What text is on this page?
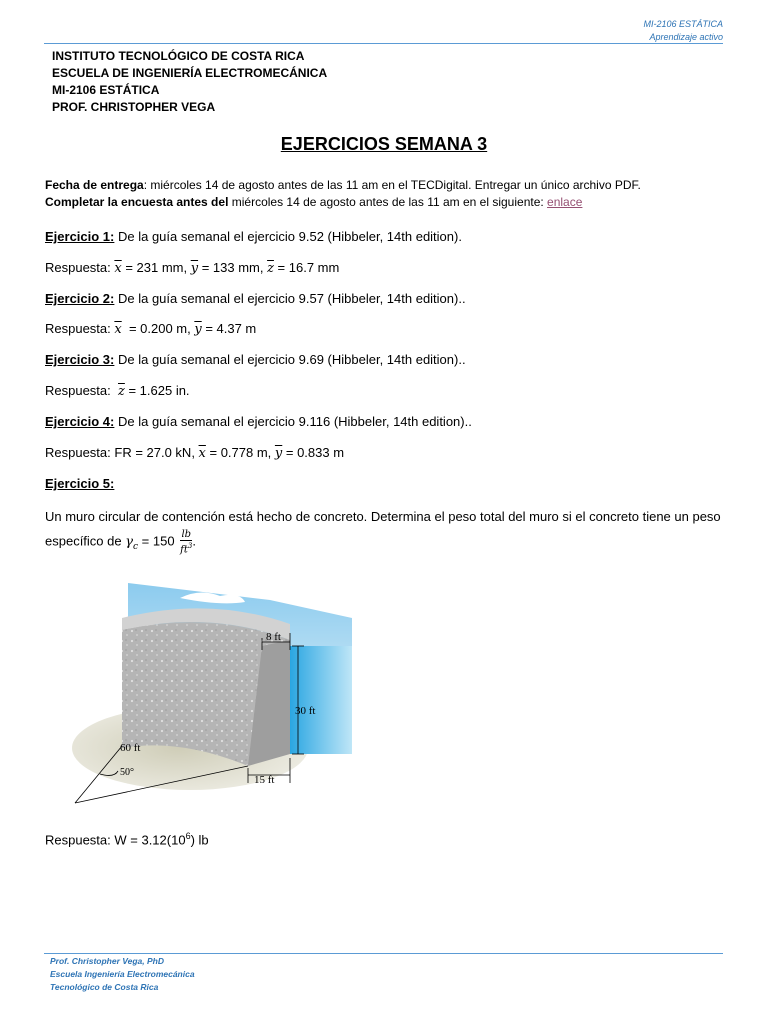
MI-2106 ESTÁTICA
Aprendizaje activo
INSTITUTO TECNOLÓGICO DE COSTA RICA
ESCUELA DE INGENIERÍA ELECTROMECÁNICA
MI-2106 ESTÁTICA
PROF. CHRISTOPHER VEGA
EJERCICIOS SEMANA 3
Fecha de entrega: miércoles 14 de agosto antes de las 11 am en el TECDigital. Entregar un único archivo PDF.
Completar la encuesta antes del miércoles 14 de agosto antes de las 11 am en el siguiente: enlace
Ejercicio 1: De la guía semanal el ejercicio 9.52 (Hibbeler, 14th edition).
Respuesta: $\overline{x} = 231$ mm, $\overline{y} = 133$ mm, $\overline{z} = 16.7$ mm
Ejercicio 2: De la guía semanal el ejercicio 9.57 (Hibbeler, 14th edition)..
Respuesta: $\overline{x} = 0.200$ m, $\overline{y} = 4.37$ m
Ejercicio 3: De la guía semanal el ejercicio 9.69 (Hibbeler, 14th edition)..
Respuesta:  $\overline{z} = 1.625$ in.
Ejercicio 4: De la guía semanal el ejercicio 9.116 (Hibbeler, 14th edition)..
Respuesta: FR = 27.0 kN, $\overline{x} = 0.778$ m, $\overline{y} = 0.833$ m
Ejercicio 5:
Un muro circular de contención está hecho de concreto. Determina el peso total del muro si el concreto tiene un peso específico de $\gamma_c = 150 \frac{lb}{ft^3}$ .
8 ft
30 ft
60 ft
50°
15 ft
Respuesta: $W = 3.12(10^6)$ lb
Prof. Christopher Vega, PhD
Escuela Ingeniería Electromecánica
Tecnológico de Costa Rica
